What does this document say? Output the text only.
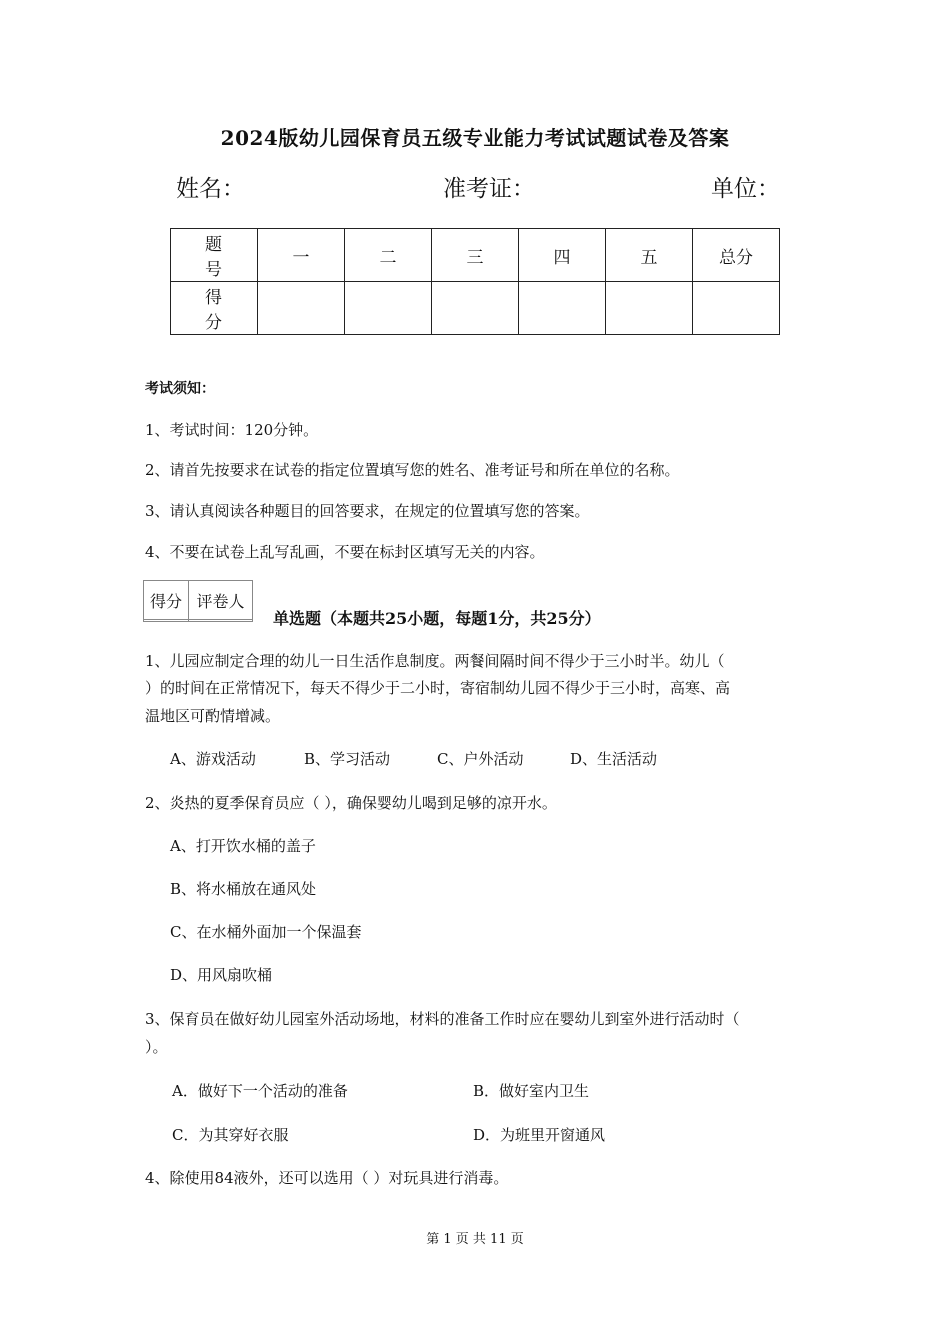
2024版幼儿园保育员五级专业能力考试试题试卷及答案
姓名：	准考证：	单位：
题 号	一	二	三	四	五	总分
得 分						
考试须知：
1、考试时间：120分钟。
2、请首先按要求在试卷的指定位置填写您的姓名、准考证号和所在单位的名称。
3、请认真阅读各种题目的回答要求，在规定的位置填写您的答案。
4、不要在试卷上乱写乱画，不要在标封区填写无关的内容。
得分	评卷人

单选题（本题共25小题，每题1分，共25分）
1、儿园应制定合理的幼儿一日生活作息制度。两餐间隔时间不得少于三小时半。幼儿（
）的时间在正常情况下，每天不得少于二小时，寄宿制幼儿园不得少于三小时，高寒、高
温地区可酌情增减。
A、游戏活动	B、学习活动	C、户外活动	D、生活活动
2、炎热的夏季保育员应（ ），确保婴幼儿喝到足够的凉开水。
A、打开饮水桶的盖子
B、将水桶放在通风处
C、在水桶外面加一个保温套
D、用风扇吹桶
3、保育员在做好幼儿园室外活动场地，材料的准备工作时应在婴幼儿到室外进行活动时（
）。
A．做好下一个活动的准备	B．做好室内卫生
C．为其穿好衣服	D．为班里开窗通风
4、除使用84液外，还可以选用（ ）对玩具进行消毒。
第 1 页 共 11 页
